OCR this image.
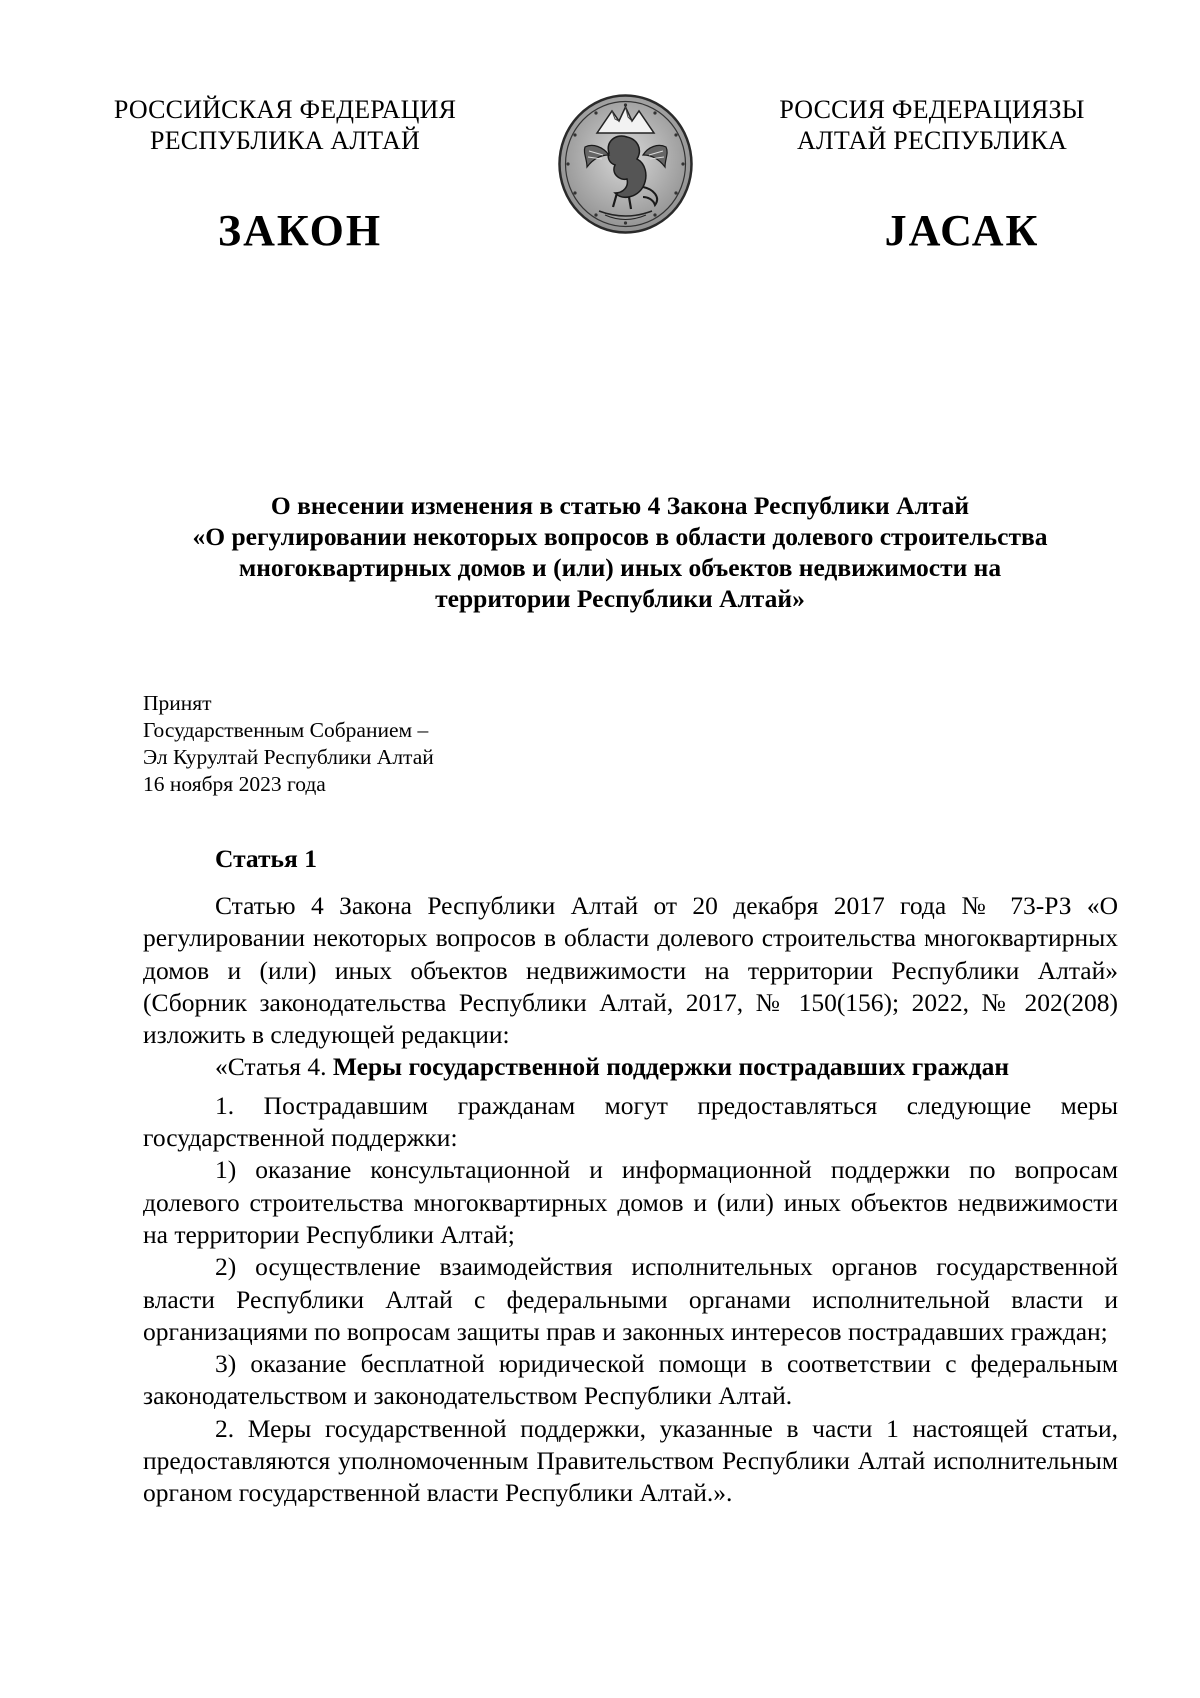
РОССИЙСКАЯ ФЕДЕРАЦИЯ
РЕСПУБЛИКА АЛТАЙ
РОССИЯ ФЕДЕРАЦИЯЗЫ
АЛТАЙ РЕСПУБЛИКА
ЗАКОН	ЈАСАК
О внесении изменения в статью 4 Закона Республики Алтай
«О регулировании некоторых вопросов в области долевого строительства
многоквартирных домов и (или) иных объектов недвижимости на
территории Республики Алтай»
Принят
Государственным Собранием –
Эл Курултай Республики Алтай
16 ноября 2023 года
Статья 1

Статью 4 Закона Республики Алтай от 20 декабря 2017 года № 73-РЗ «О регулировании некоторых вопросов в области долевого строительства многоквартирных домов и (или) иных объектов недвижимости на территории Республики Алтай» (Сборник законодательства Республики Алтай, 2017, № 150(156); 2022, № 202(208) изложить в следующей редакции:

«Статья 4. Меры государственной поддержки пострадавших граждан

1. Пострадавшим гражданам могут предоставляться следующие меры государственной поддержки:

1) оказание консультационной и информационной поддержки по вопросам долевого строительства многоквартирных домов и (или) иных объектов недвижимости на территории Республики Алтай;

2) осуществление взаимодействия исполнительных органов государственной власти Республики Алтай с федеральными органами исполнительной власти и организациями по вопросам защиты прав и законных интересов пострадавших граждан;

3) оказание бесплатной юридической помощи в соответствии с федеральным законодательством и законодательством Республики Алтай.

2. Меры государственной поддержки, указанные в части 1 настоящей статьи, предоставляются уполномоченным Правительством Республики Алтай исполнительным органом государственной власти Республики Алтай.».
